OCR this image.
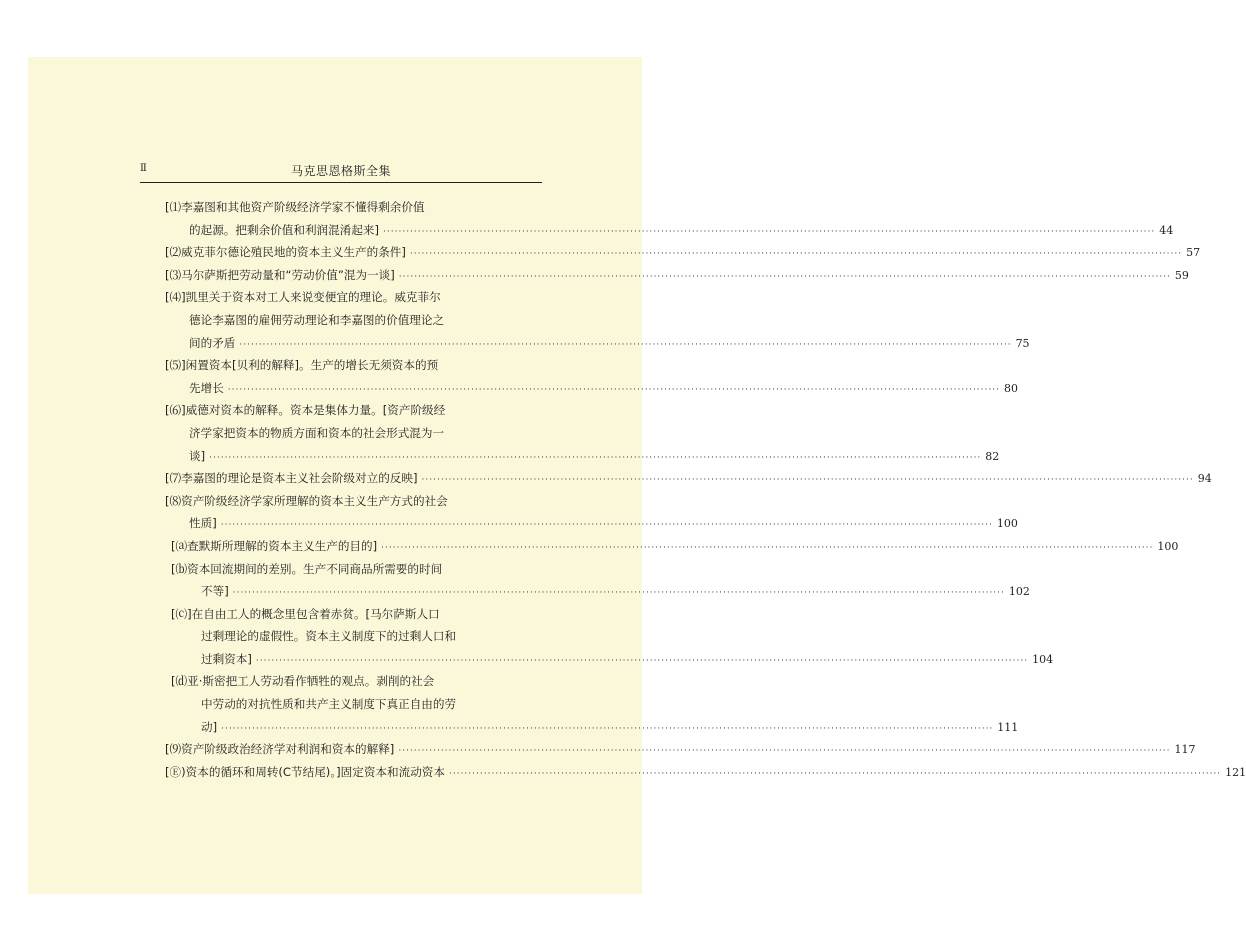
Ⅱ	马克思恩格斯全集
[⑴李嘉图和其他资产阶级经济学家不懂得剩余价值
的起源。把剩余价值和利润混淆起来] ········································································································································································································ 44
[⑵威克菲尔德论殖民地的资本主义生产的条件] ········································································································································································································ 57
[⑶马尔萨斯把劳动量和“劳动价值”混为一谈] ········································································································································································································ 59
[⑷]凯里关于资本对工人来说变便宜的理论。威克菲尔
德论李嘉图的雇佣劳动理论和李嘉图的价值理论之
间的矛盾 ········································································································································································································ 75
[⑸]闲置资本[贝利的解释]。生产的增长无须资本的预
先增长 ········································································································································································································ 80
[⑹]威德对资本的解释。资本是集体力量。[资产阶级经
济学家把资本的物质方面和资本的社会形式混为一
谈] ········································································································································································································ 82
[⑺李嘉图的理论是资本主义社会阶级对立的反映] ········································································································································································································ 94
[⑻资产阶级经济学家所理解的资本主义生产方式的社会
性质] ········································································································································································································ 100
[⒜查默斯所理解的资本主义生产的目的] ········································································································································································································ 100
[⒝资本回流期间的差别。生产不同商品所需要的时间
不等] ········································································································································································································ 102
[⒞]在自由工人的概念里包含着赤贫。[马尔萨斯人口
过剩理论的虚假性。资本主义制度下的过剩人口和
过剩资本] ········································································································································································································ 104
[⒟亚·斯密把工人劳动看作牺牲的观点。剥削的社会
中劳动的对抗性质和共产主义制度下真正自由的劳
动] ········································································································································································································ 111
[⑼资产阶级政治经济学对利润和资本的解释] ········································································································································································································ 117
[Ⓔ)资本的循环和周转(C节结尾)。]固定资本和流动资本 ········································································································································································································ 121
